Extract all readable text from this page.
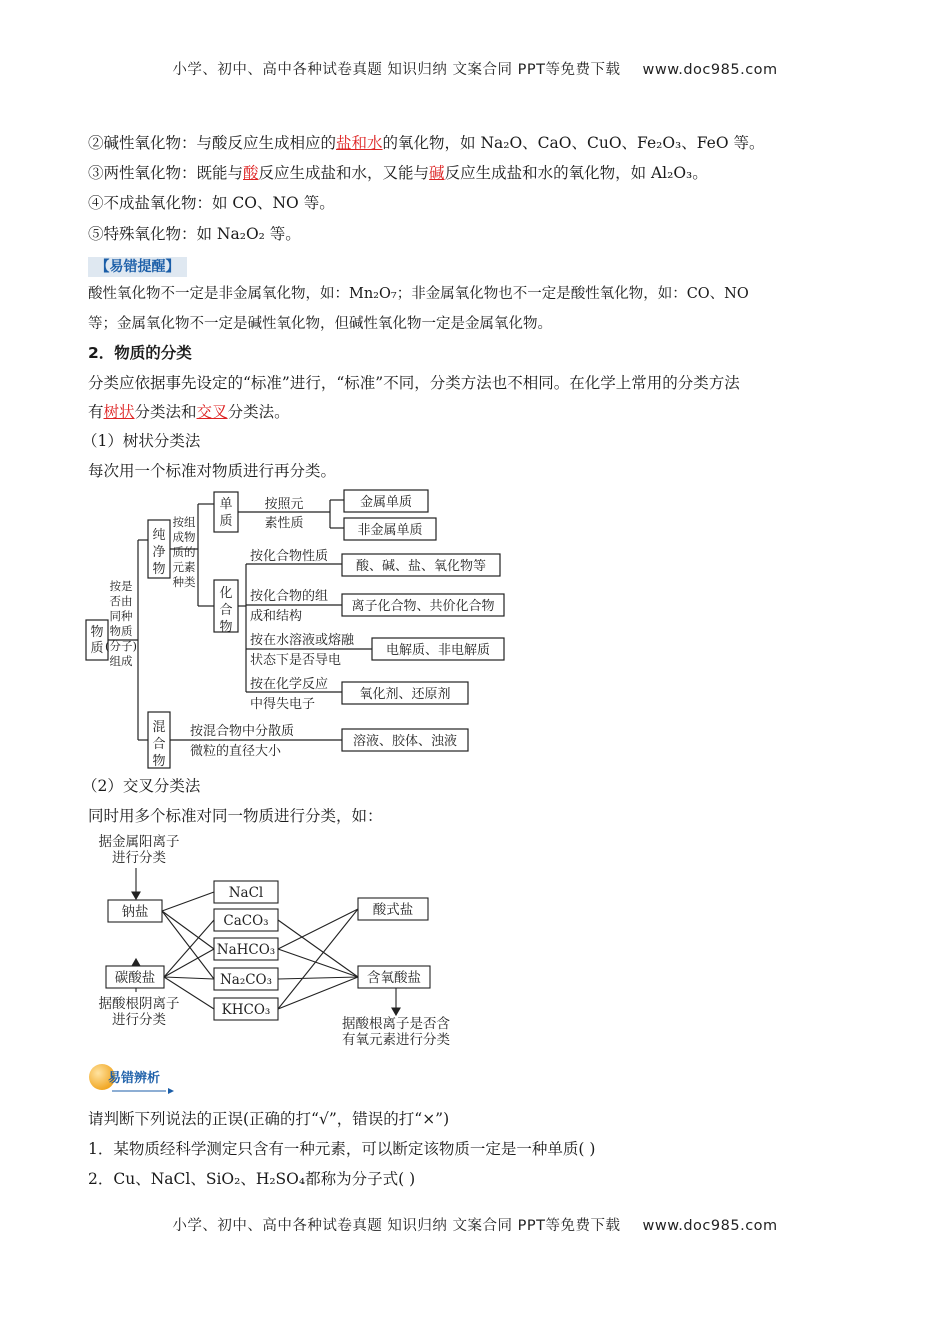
小学、初中、高中各种试卷真题 知识归纳 文案合同 PPT等免费下载 www.doc985.com
②碱性氧化物：与酸反应生成相应的盐和水的氧化物，如 Na₂O、CaO、CuO、Fe₂O₃、FeO 等。
③两性氧化物：既能与酸反应生成盐和水，又能与碱反应生成盐和水的氧化物，如 Al₂O₃。
④不成盐氧化物：如 CO、NO 等。
⑤特殊氧化物：如 Na₂O₂ 等。
【易错提醒】
酸性氧化物不一定是非金属氧化物，如：Mn₂O₇；非金属氧化物也不一定是酸性氧化物，如：CO、NO
等；金属氧化物不一定是碱性氧化物，但碱性氧化物一定是金属氧化物。
2．物质的分类
分类应依据事先设定的“标准”进行，“标准”不同，分类方法也不相同。在化学上常用的分类方法
有树状分类法和交叉分类法。
（1）树状分类法
每次用一个标准对物质进行再分类。
物
质
按是否由同种物质(分子)组成
纯净物
混合物
按组成物质的元素种类
单质
化合物
按照元素性质
金属单质
非金属单质
酸、碱、盐、氧化物等
离子化合物、共价化合物
电解质、非电解质
氧化剂、还原剂
溶液、胶体、浊液
按化合物性质
按化合物的组成和结构
按在水溶液或熔融状态下是否导电
按在化学反应中得失电子
按混合物中分散质微粒的直径大小
（2）交叉分类法
同时用多个标准对同一物质进行分类，如：
据金属阳离子进行分类
据酸根阴离子进行分类	据酸根离子是否含有氧元素进行分类
钠盐
碳酸盐
酸式盐
含氧酸盐
NaCl
CaCO₃
NaHCO₃
Na₂CO₃
KHCO₃
易错辨析
请判断下列说法的正误(正确的打“√”，错误的打“×”)
1．某物质经科学测定只含有一种元素，可以断定该物质一定是一种单质( )
2．Cu、NaCl、SiO₂、H₂SO₄都称为分子式( )
小学、初中、高中各种试卷真题 知识归纳 文案合同 PPT等免费下载 www.doc985.com
